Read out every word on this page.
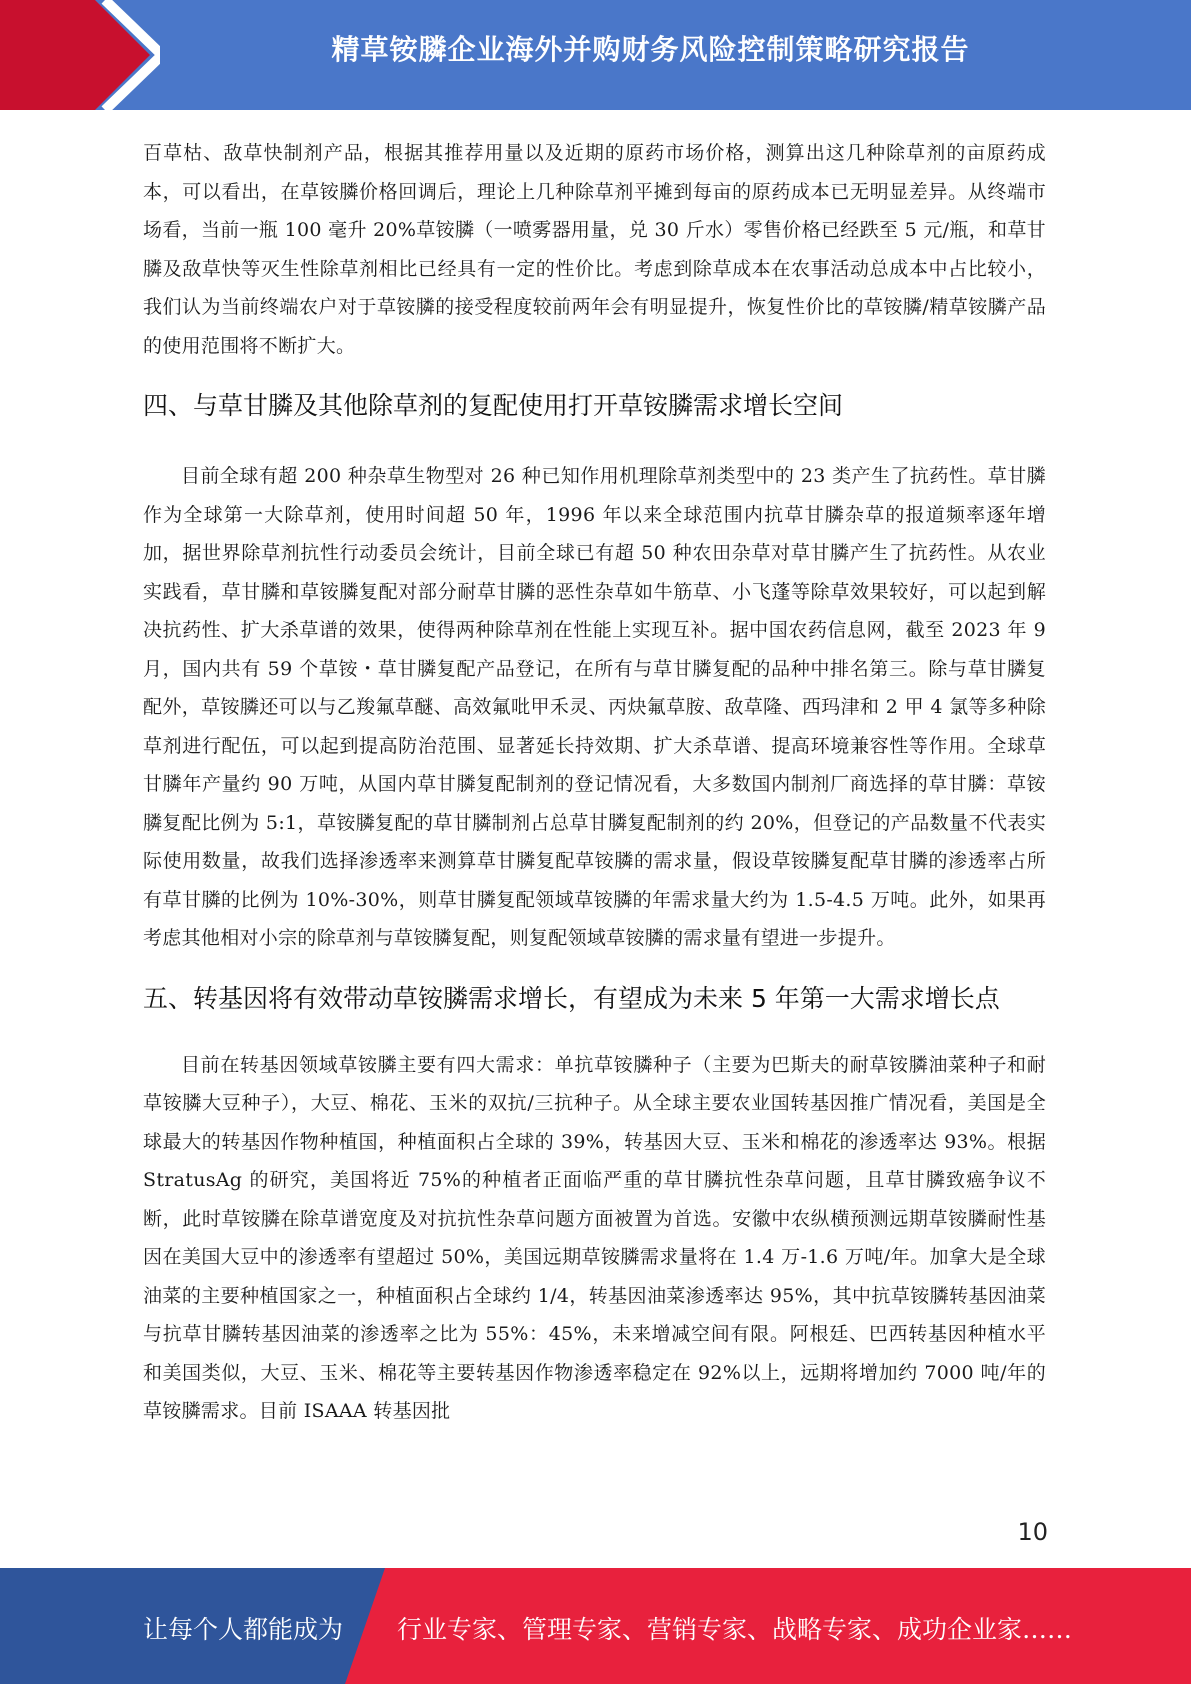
精草铵膦企业海外并购财务风险控制策略研究报告

百草枯、敌草快制剂产品，根据其推荐用量以及近期的原药市场价格，测算出这几种除草剂的亩原药成本，可以看出，在草铵膦价格回调后，理论上几种除草剂平摊到每亩的原药成本已无明显差异。从终端市场看，当前一瓶 100 毫升 20%草铵膦（一喷雾器用量，兑 30 斤水）零售价格已经跌至 5 元/瓶，和草甘膦及敌草快等灭生性除草剂相比已经具有一定的性价比。考虑到除草成本在农事活动总成本中占比较小，我们认为当前终端农户对于草铵膦的接受程度较前两年会有明显提升，恢复性价比的草铵膦/精草铵膦产品的使用范围将不断扩大。

四、与草甘膦及其他除草剂的复配使用打开草铵膦需求增长空间

目前全球有超 200 种杂草生物型对 26 种已知作用机理除草剂类型中的 23 类产生了抗药性。草甘膦作为全球第一大除草剂，使用时间超 50 年，1996 年以来全球范围内抗草甘膦杂草的报道频率逐年增加，据世界除草剂抗性行动委员会统计，目前全球已有超 50 种农田杂草对草甘膦产生了抗药性。从农业实践看，草甘膦和草铵膦复配对部分耐草甘膦的恶性杂草如牛筋草、小飞蓬等除草效果较好，可以起到解决抗药性、扩大杀草谱的效果，使得两种除草剂在性能上实现互补。据中国农药信息网，截至 2023 年 9 月，国内共有 59 个草铵・草甘膦复配产品登记，在所有与草甘膦复配的品种中排名第三。除与草甘膦复配外，草铵膦还可以与乙羧氟草醚、高效氟吡甲禾灵、丙炔氟草胺、敌草隆、西玛津和 2 甲 4 氯等多种除草剂进行配伍，可以起到提高防治范围、显著延长持效期、扩大杀草谱、提高环境兼容性等作用。全球草甘膦年产量约 90 万吨，从国内草甘膦复配制剂的登记情况看，大多数国内制剂厂商选择的草甘膦：草铵膦复配比例为 5:1，草铵膦复配的草甘膦制剂占总草甘膦复配制剂的约 20%，但登记的产品数量不代表实际使用数量，故我们选择渗透率来测算草甘膦复配草铵膦的需求量，假设草铵膦复配草甘膦的渗透率占所有草甘膦的比例为 10%-30%，则草甘膦复配领域草铵膦的年需求量大约为 1.5-4.5 万吨。此外，如果再考虑其他相对小宗的除草剂与草铵膦复配，则复配领域草铵膦的需求量有望进一步提升。

五、转基因将有效带动草铵膦需求增长，有望成为未来 5 年第一大需求增长点

目前在转基因领域草铵膦主要有四大需求：单抗草铵膦种子（主要为巴斯夫的耐草铵膦油菜种子和耐草铵膦大豆种子），大豆、棉花、玉米的双抗/三抗种子。从全球主要农业国转基因推广情况看，美国是全球最大的转基因作物种植国，种植面积占全球的 39%，转基因大豆、玉米和棉花的渗透率达 93%。根据 StratusAg 的研究，美国将近 75%的种植者正面临严重的草甘膦抗性杂草问题，且草甘膦致癌争议不断，此时草铵膦在除草谱宽度及对抗抗性杂草问题方面被置为首选。安徽中农纵横预测远期草铵膦耐性基因在美国大豆中的渗透率有望超过 50%，美国远期草铵膦需求量将在 1.4 万-1.6 万吨/年。加拿大是全球油菜的主要种植国家之一，种植面积占全球约 1/4，转基因油菜渗透率达 95%，其中抗草铵膦转基因油菜与抗草甘膦转基因油菜的渗透率之比为 55%：45%，未来增减空间有限。阿根廷、巴西转基因种植水平和美国类似，大豆、玉米、棉花等主要转基因作物渗透率稳定在 92%以上，远期将增加约 7000 吨/年的草铵膦需求。目前 ISAAA 转基因批

10
让每个人都能成为 行业专家、管理专家、营销专家、战略专家、成功企业家……
